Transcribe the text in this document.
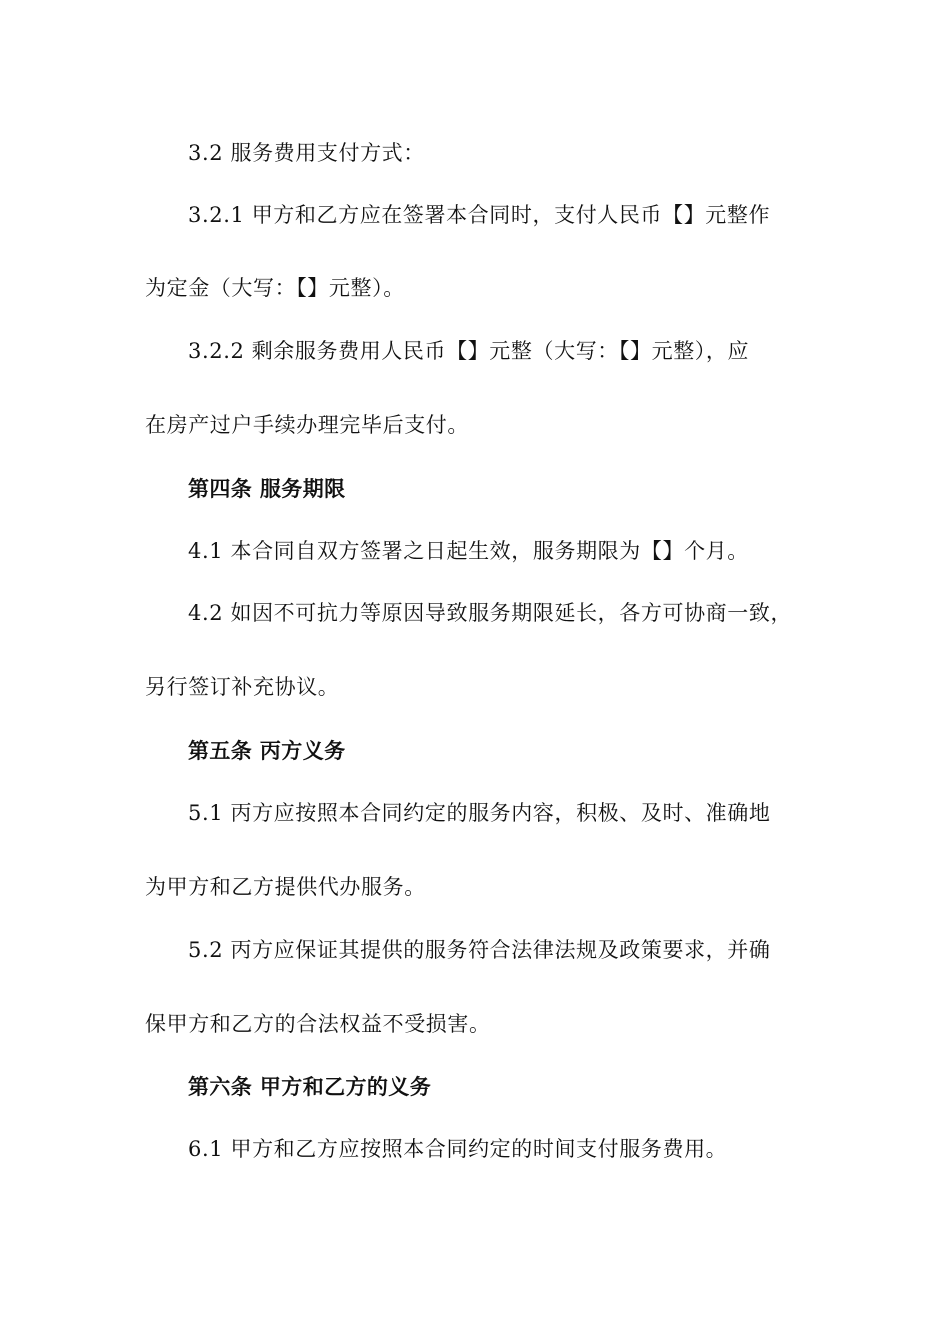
3.2 服务费用支付方式：

3.2.1 甲方和乙方应在签署本合同时，支付人民币【】元整作

为定金（大写：【】元整）。

3.2.2 剩余服务费用人民币【】元整（大写：【】元整），应

在房产过户手续办理完毕后支付。

第四条 服务期限

4.1 本合同自双方签署之日起生效，服务期限为【】个月。

4.2 如因不可抗力等原因导致服务期限延长，各方可协商一致，

另行签订补充协议。

第五条 丙方义务

5.1 丙方应按照本合同约定的服务内容，积极、及时、准确地

为甲方和乙方提供代办服务。

5.2 丙方应保证其提供的服务符合法律法规及政策要求，并确

保甲方和乙方的合法权益不受损害。

第六条 甲方和乙方的义务

6.1 甲方和乙方应按照本合同约定的时间支付服务费用。
